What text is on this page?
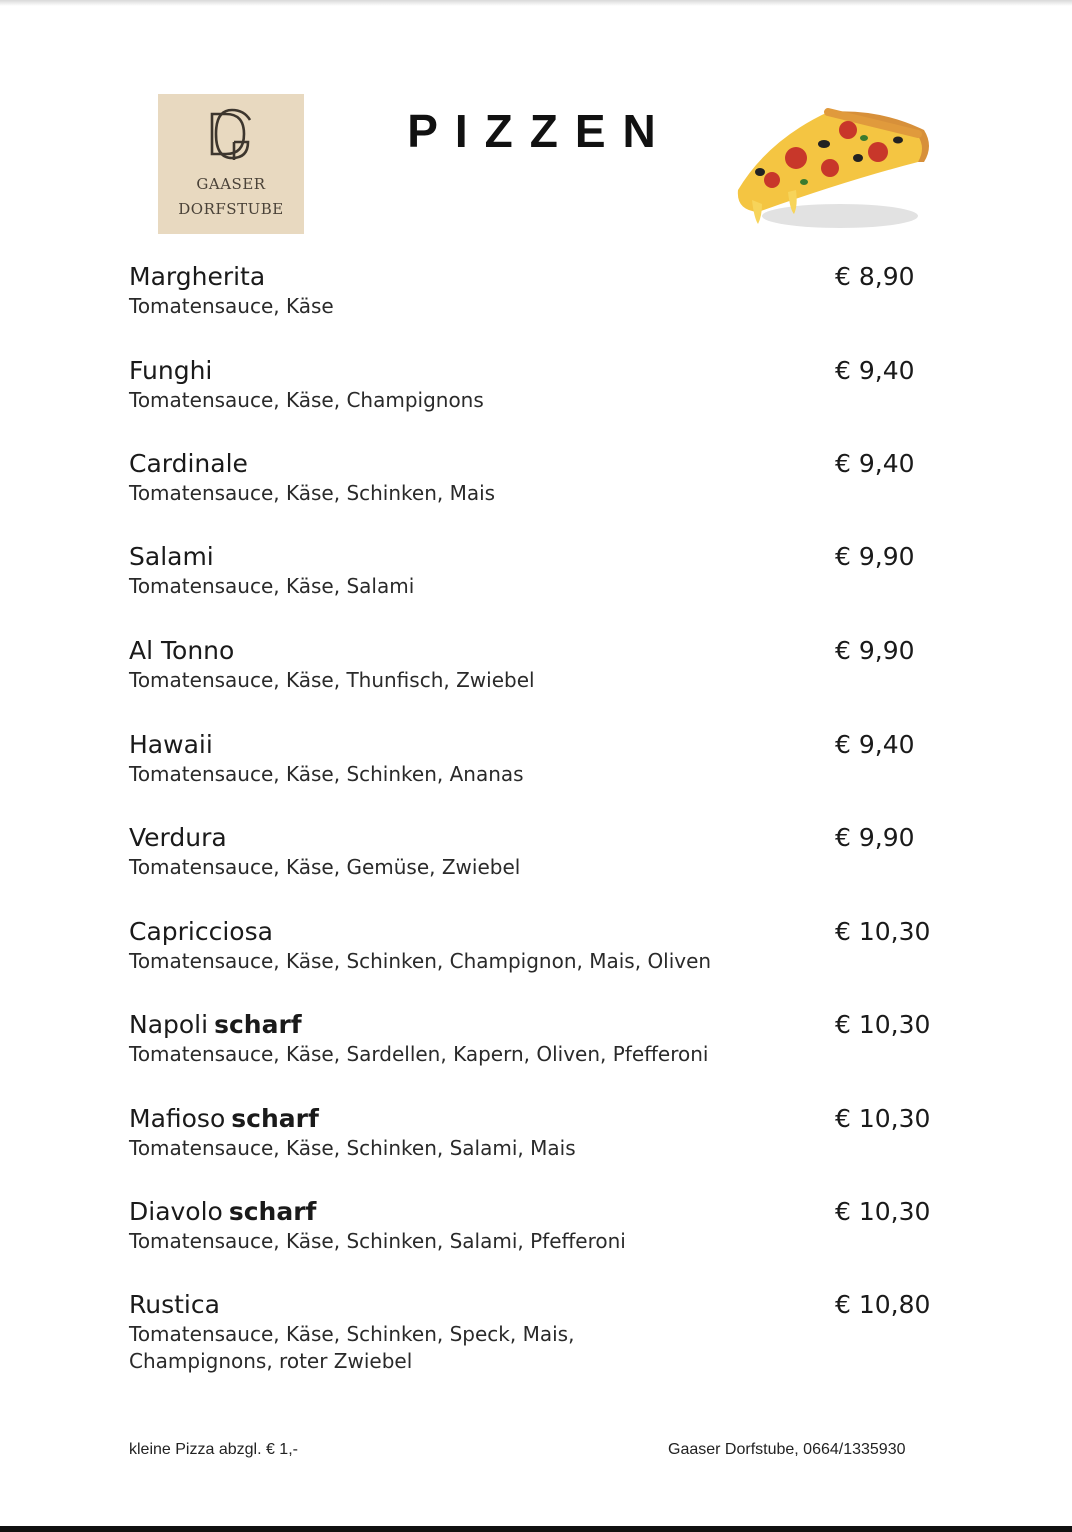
GAASER
DORFSTUBE
PIZZEN
Margherita
Tomatensauce, Käse
€ 8,90
Funghi
Tomatensauce, Käse, Champignons
€ 9,40
Cardinale
Tomatensauce, Käse, Schinken, Mais
€ 9,40
Salami
Tomatensauce, Käse, Salami
€ 9,90
Al Tonno
Tomatensauce, Käse, Thunfisch, Zwiebel
€ 9,90
Hawaii
Tomatensauce, Käse, Schinken, Ananas
€ 9,40
Verdura
Tomatensauce, Käse, Gemüse, Zwiebel
€ 9,90
Capricciosa
Tomatensauce, Käse, Schinken, Champignon, Mais, Oliven
€ 10,30
Napoli scharf
Tomatensauce, Käse, Sardellen, Kapern, Oliven, Pfefferoni
€ 10,30
Mafioso scharf
Tomatensauce, Käse, Schinken, Salami, Mais
€ 10,30
Diavolo scharf
Tomatensauce, Käse, Schinken, Salami, Pfefferoni
€ 10,30
Rustica
Tomatensauce, Käse, Schinken, Speck, Mais, Champignons, roter Zwiebel
€ 10,80
kleine Pizza abzgl. € 1,-	Gaaser Dorfstube, 0664/1335930
